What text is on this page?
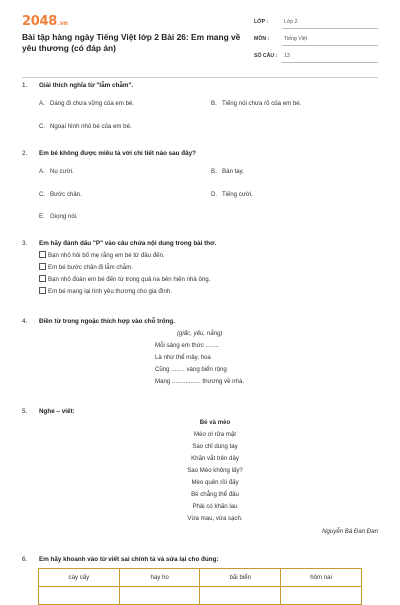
2048.vn
Bài tập hàng ngày Tiếng Việt lớp 2 Bài 26: Em mang về yêu thương (có đáp án)
LỚP :	Lớp 2
MÔN :	Tiếng Việt
SỐ CÂU : 13
1. Giải thích nghĩa từ "lẫm chẫm".
A. Dáng đi chưa vững của em bé.	B. Tiếng nói chưa rõ của em bé.
C. Ngoại hình nhỏ bé của em bé.
2. Em bé không được miêu tả với chi tiết nào sau đây?
A. Nụ cười.	B. Bàn tay.
C. Bước chân.	D. Tiếng cười.
E. Giọng nói.
3. Em hãy đánh dấu "P" vào câu chứa nội dung trong bài thơ.
Bạn nhỏ hỏi bố mẹ rằng em bé từ đâu đến.
Em bé bước chân đi lẫm chẫm.
Bạn nhỏ đoán em bé đến từ trong quả na bên hiên nhà ông.
Em bé mang lại tình yêu thương cho gia đình.
4. Điền từ trong ngoặc thích hợp vào chỗ trống.
(giấc, yếu, nắng)
Mỗi sáng em thức ........
Là như thể mây, hoa
Cũng ........ vàng biển rộng
Mang ................. thương về nhà.
5. Nghe – viết:
Bé và mèo
Mèo ơi rửa mặt
Sao chỉ dùng tay
Khăn vắt trên dây
Sao Mèo không lấy?
Mèo quên rồi đấy
Bé chẳng thể đâu
Phải có khăn lau
Vừa mau, vừa sạch.
Nguyễn Bá Đan Đan
6. Em hãy khoanh vào từ viết sai chính tả và sửa lại cho đúng:
cày cấy	hay ho	bãi biển	hôm nai
